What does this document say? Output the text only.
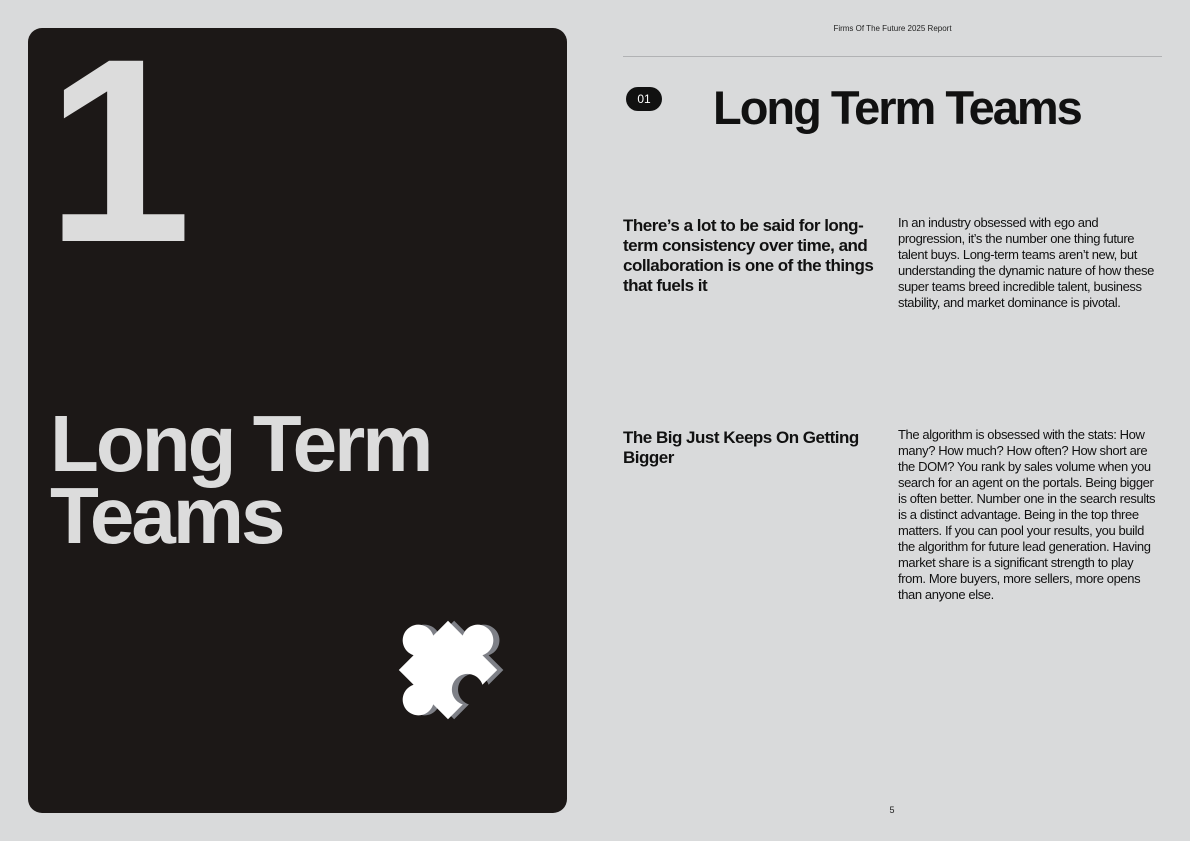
1
Long Term
Teams
Firms Of The Future 2025 Report
01 Long Term Teams

There’s a lot to be said for long-term consistency over time, and collaboration is one of the things that fuels it

In an industry obsessed with ego and progression, it’s the number one thing future talent buys. Long-term teams aren’t new, but understanding the dynamic nature of how these super teams breed incredible talent, business stability, and market dominance is pivotal.

The Big Just Keeps On Getting Bigger

The algorithm is obsessed with the stats: How many? How much? How often? How short are the DOM? You rank by sales volume when you search for an agent on the portals. Being bigger is often better. Number one in the search results is a distinct advantage. Being in the top three matters. If you can pool your results, you build the algorithm for future lead generation. Having market share is a significant strength to play from. More buyers, more sellers, more opens than anyone else.

5
